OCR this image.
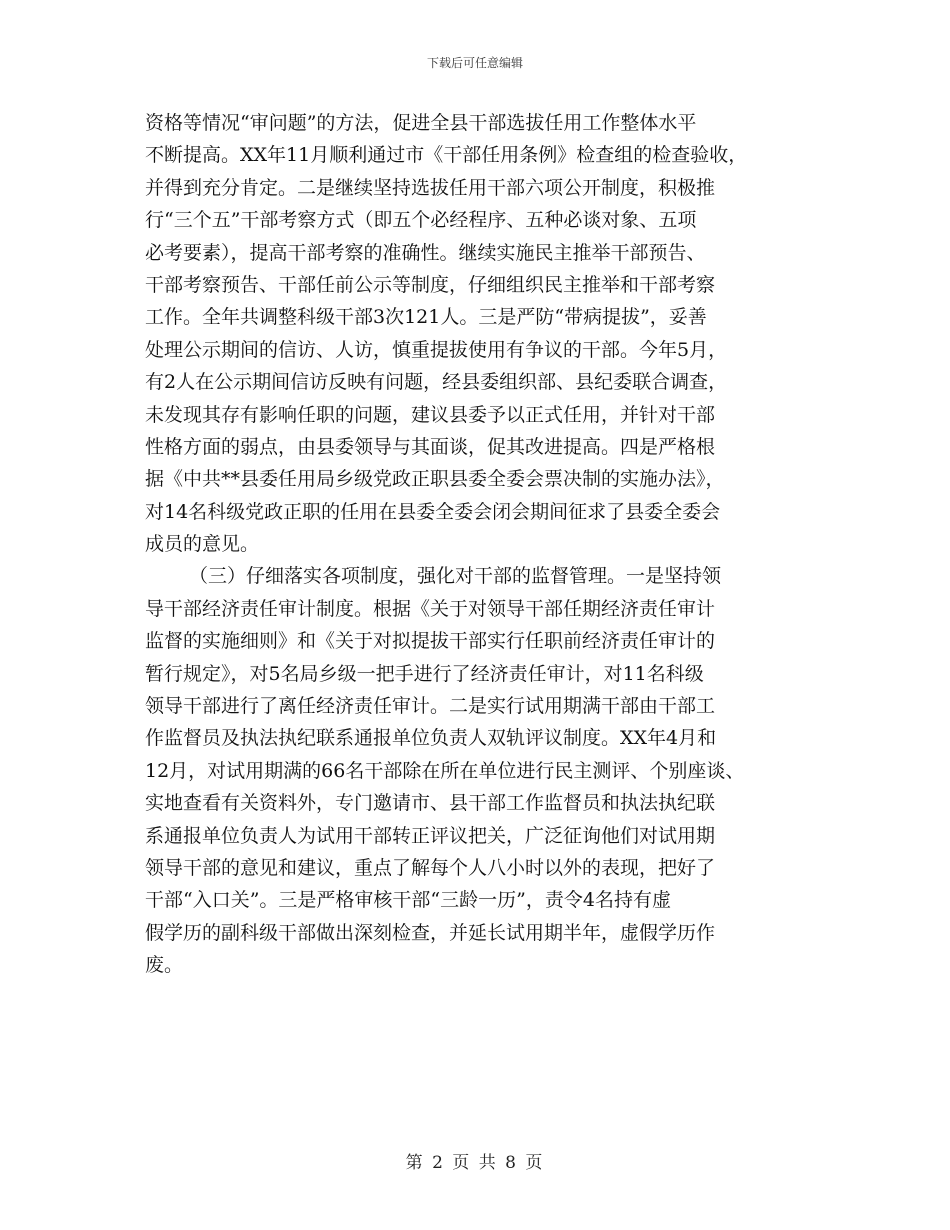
下载后可任意编辑
资格等情况“审问题”的方法，促进全县干部选拔任用工作整体水平
不断提高。XX年11月顺利通过市《干部任用条例》检查组的检查验收，
并得到充分肯定。二是继续坚持选拔任用干部六项公开制度，积极推
行“三个五”干部考察方式（即五个必经程序、五种必谈对象、五项
必考要素），提高干部考察的准确性。继续实施民主推举干部预告、
干部考察预告、干部任前公示等制度，仔细组织民主推举和干部考察
工作。全年共调整科级干部3次121人。三是严防“带病提拔”，妥善
处理公示期间的信访、人访，慎重提拔使用有争议的干部。今年5月，
有2人在公示期间信访反映有问题，经县委组织部、县纪委联合调查，
未发现其存有影响任职的问题，建议县委予以正式任用，并针对干部
性格方面的弱点，由县委领导与其面谈，促其改进提高。四是严格根
据《中共**县委任用局乡级党政正职县委全委会票决制的实施办法》，
对14名科级党政正职的任用在县委全委会闭会期间征求了县委全委会
成员的意见。
（三）仔细落实各项制度，强化对干部的监督管理。一是坚持领
导干部经济责任审计制度。根据《关于对领导干部任期经济责任审计
监督的实施细则》和《关于对拟提拔干部实行任职前经济责任审计的
暂行规定》，对5名局乡级一把手进行了经济责任审计，对11名科级
领导干部进行了离任经济责任审计。二是实行试用期满干部由干部工
作监督员及执法执纪联系通报单位负责人双轨评议制度。XX年4月和
12月，对试用期满的66名干部除在所在单位进行民主测评、个别座谈、
实地查看有关资料外，专门邀请市、县干部工作监督员和执法执纪联
系通报单位负责人为试用干部转正评议把关，广泛征询他们对试用期
领导干部的意见和建议，重点了解每个人八小时以外的表现，把好了
干部“入口关”。三是严格审核干部“三龄一历”，责令4名持有虚
假学历的副科级干部做出深刻检查，并延长试用期半年，虚假学历作
废。
第 2 页 共 8 页
